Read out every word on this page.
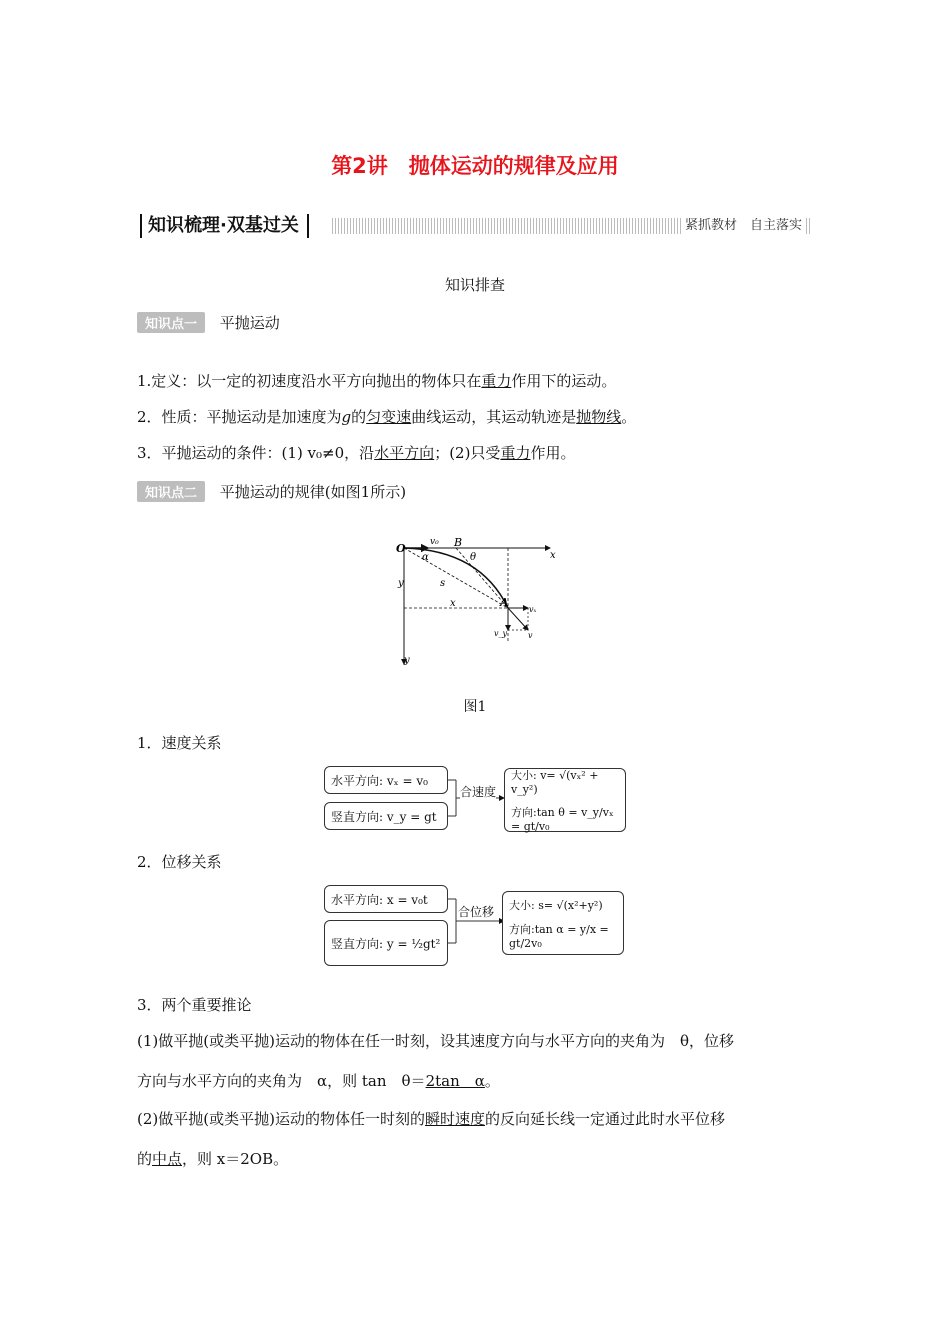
第2讲　抛体运动的规律及应用
知识梳理·双基过关	紧抓教材　自主落实
知识排查
知识点一 平抛运动
1.定义：以一定的初速度沿水平方向抛出的物体只在重力作用下的运动。
2．性质：平抛运动是加速度为g的匀变速曲线运动，其运动轨迹是抛物线。
3．平抛运动的条件：(1) v₀≠0，沿水平方向；(2)只受重力作用。
知识点二 平抛运动的规律(如图1所示)
O	B
x
y
v₀
θ
α
s
x
y
A
vₓ
v_y	v
图1
1．速度关系
水平方向: vₓ = v₀
竖直方向: v_y = gt
合速度
大小: v= √(vₓ² + v_y²)
方向:tan θ = v_y/vₓ = gt/v₀
2．位移关系
水平方向: x = v₀t
竖直方向: y = ½gt²
合位移 大小: s= √(x²+y²)
方向:tan α = y/x = gt/2v₀
3．两个重要推论
(1)做平抛(或类平抛)运动的物体在任一时刻，设其速度方向与水平方向的夹角为　θ，位移
方向与水平方向的夹角为　α，则 tan　θ＝2tan　α。
(2)做平抛(或类平抛)运动的物体任一时刻的瞬时速度的反向延长线一定通过此时水平位移
的中点，则 x＝2OB。
